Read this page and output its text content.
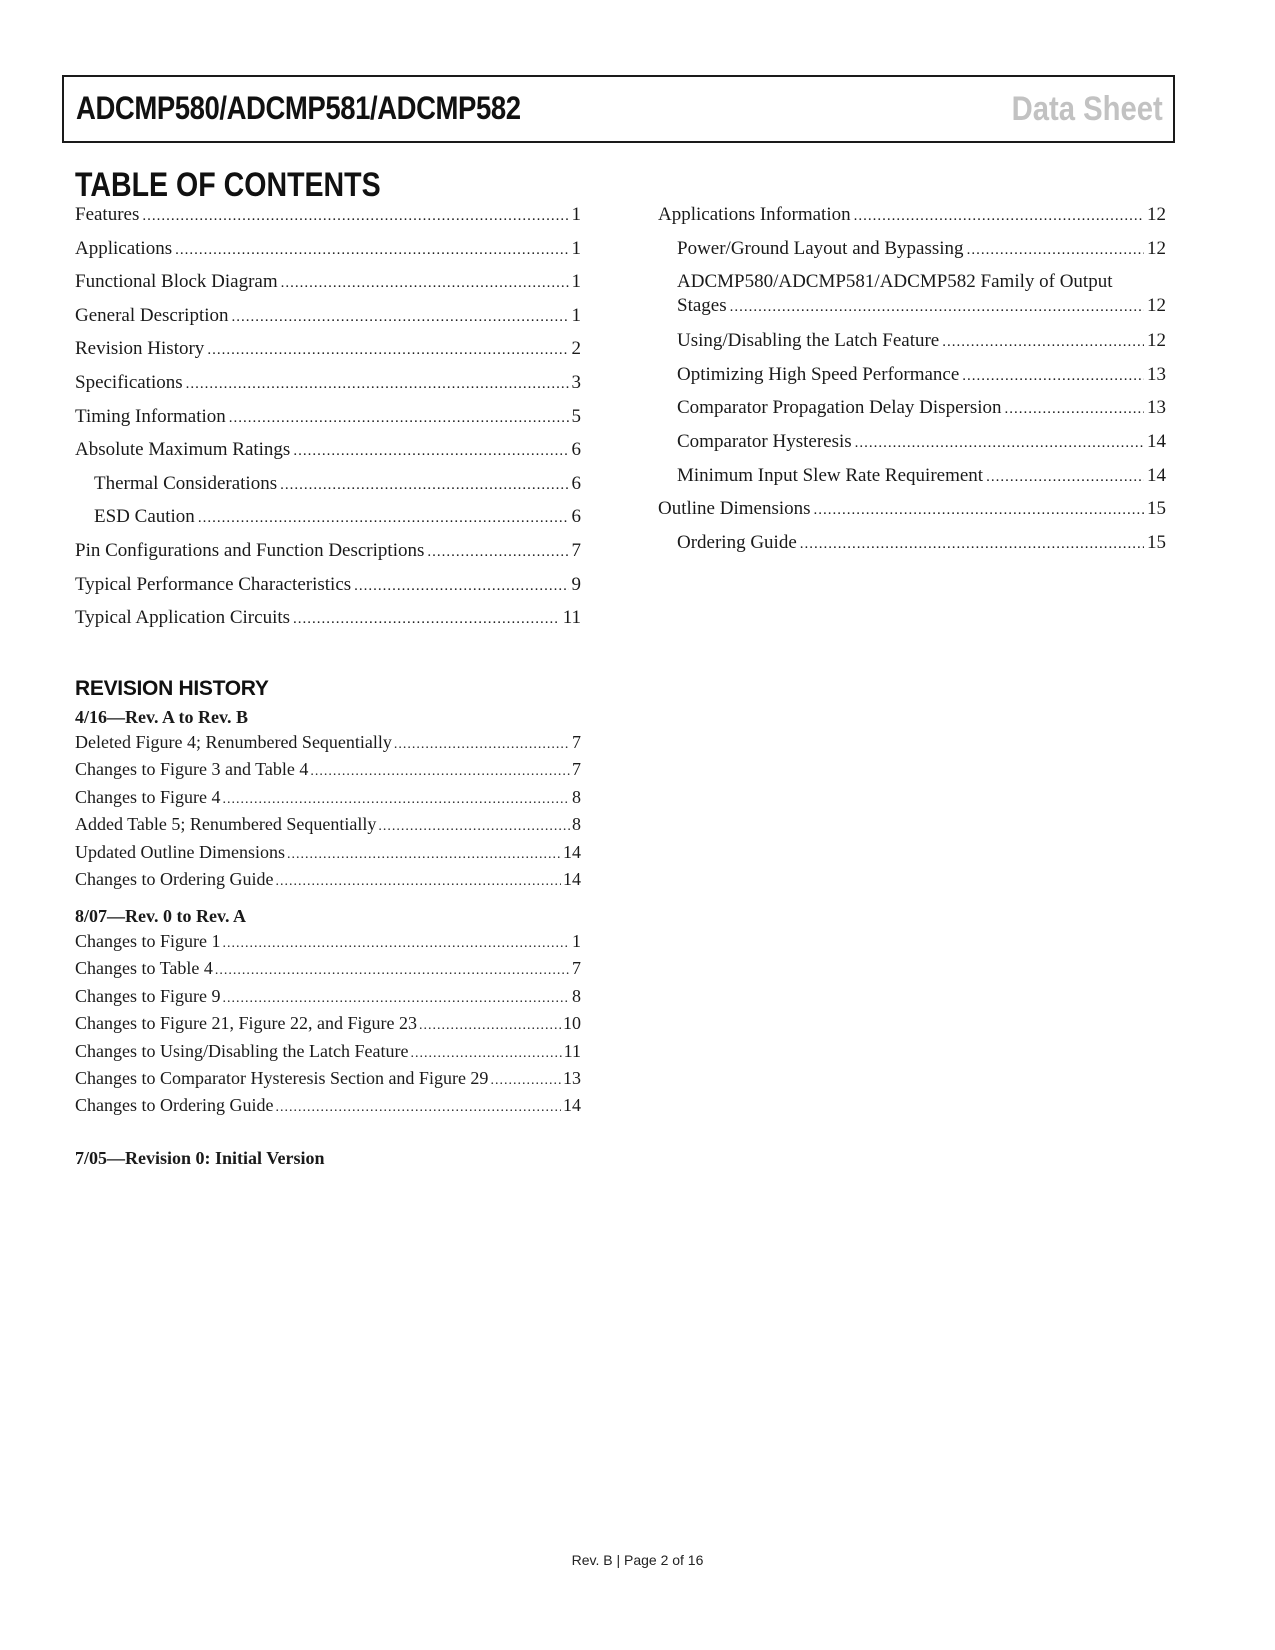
ADCMP580/ADCMP581/ADCMP582	Data Sheet
TABLE OF CONTENTS
Features .....	1
Applications .....	1
Functional Block Diagram .....	1
General Description .....	1
Revision History .....	2
Specifications .....	3
Timing Information .....	5
Absolute Maximum Ratings .....	6
Thermal Considerations .....	6
ESD Caution .....	6
Pin Configurations and Function Descriptions .....	7
Typical Performance Characteristics .....	9
Typical Application Circuits .....	11
Applications Information .....	12
Power/Ground Layout and Bypassing .....	12
ADCMP580/ADCMP581/ADCMP582 Family of Output
Stages .....	12
Using/Disabling the Latch Feature .....	12
Optimizing High Speed Performance .....	13
Comparator Propagation Delay Dispersion .....	13
Comparator Hysteresis .....	14
Minimum Input Slew Rate Requirement .....	14
Outline Dimensions .....	15
Ordering Guide .....	15
REVISION HISTORY
4/16—Rev. A to Rev. B
Deleted Figure 4; Renumbered Sequentially .....	7
Changes to Figure 3 and Table 4 .....	7
Changes to Figure 4 .....	8
Added Table 5; Renumbered Sequentially .....	8
Updated Outline Dimensions .....	14
Changes to Ordering Guide .....	14
8/07—Rev. 0 to Rev. A
Changes to Figure 1 .....	1
Changes to Table 4 .....	7
Changes to Figure 9 .....	8
Changes to Figure 21, Figure 22, and Figure 23 .....	10
Changes to Using/Disabling the Latch Feature .....	11
Changes to Comparator Hysteresis Section and Figure 29 .....	13
Changes to Ordering Guide .....	14
7/05—Revision 0: Initial Version
Rev. B | Page 2 of 16
